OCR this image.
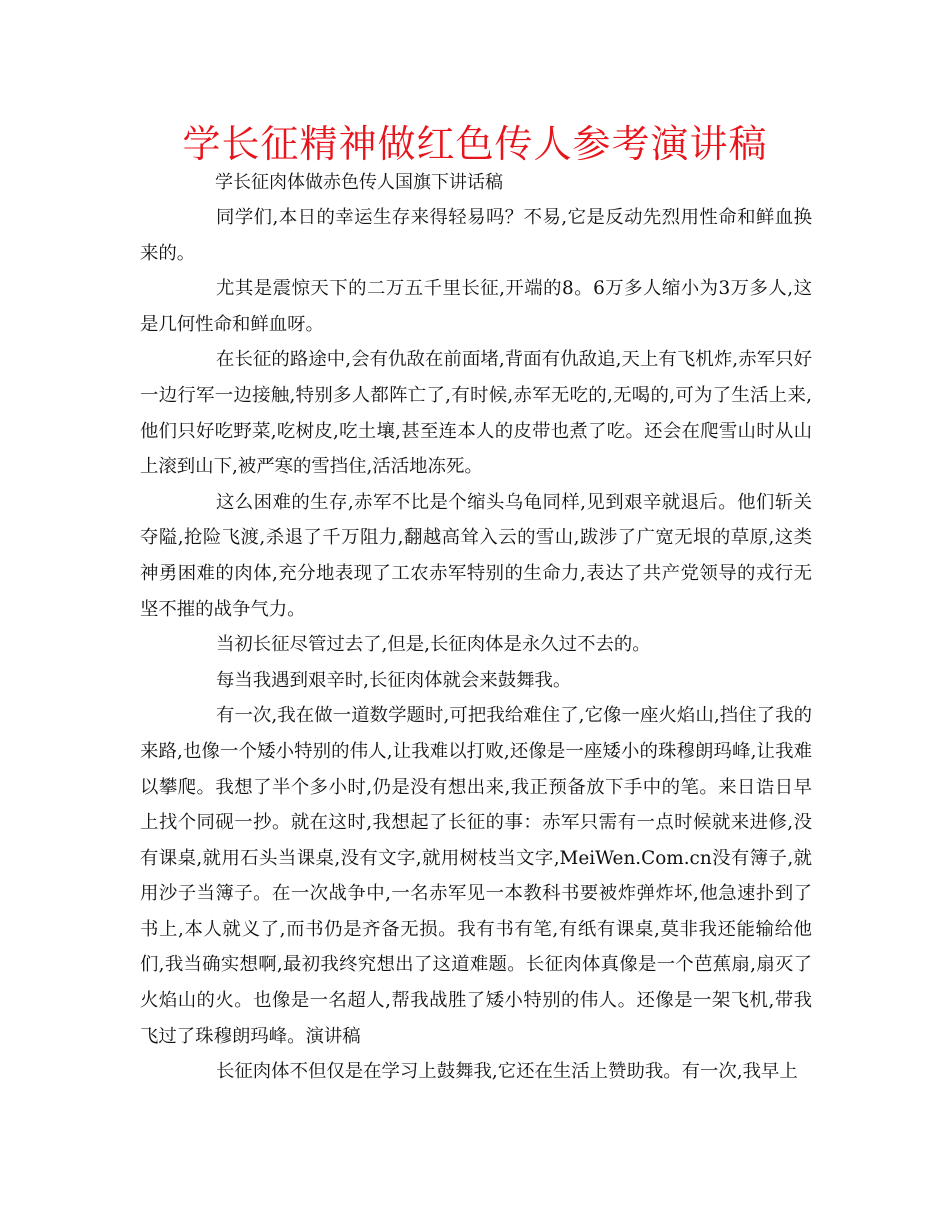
学长征精神做红色传人参考演讲稿
学长征肉体做赤色传人国旗下讲话稿

同学们,本日的幸运生存来得轻易吗？不易,它是反动先烈用性命和鲜血换来的。

尤其是震惊天下的二万五千里长征,开端的8。6万多人缩小为3万多人,这是几何性命和鲜血呀。

在长征的路途中,会有仇敌在前面堵,背面有仇敌追,天上有飞机炸,赤军只好一边行军一边接触,特别多人都阵亡了,有时候,赤军无吃的,无喝的,可为了生活上来,他们只好吃野菜,吃树皮,吃土壤,甚至连本人的皮带也煮了吃。还会在爬雪山时从山上滚到山下,被严寒的雪挡住,活活地冻死。

这么困难的生存,赤军不比是个缩头乌龟同样,见到艰辛就退后。他们斩关夺隘,抢险飞渡,杀退了千万阻力,翻越高耸入云的雪山,跋涉了广宽无垠的草原,这类神勇困难的肉体,充分地表现了工农赤军特别的生命力,表达了共产党领导的戎行无坚不摧的战争气力。

当初长征尽管过去了,但是,长征肉体是永久过不去的。

每当我遇到艰辛时,长征肉体就会来鼓舞我。

有一次,我在做一道数学题时,可把我给难住了,它像一座火焰山,挡住了我的来路,也像一个矮小特别的伟人,让我难以打败,还像是一座矮小的珠穆朗玛峰,让我难以攀爬。我想了半个多小时,仍是没有想出来,我正预备放下手中的笔。来日诰日早上找个同砚一抄。就在这时,我想起了长征的事：赤军只需有一点时候就来进修,没有课桌,就用石头当课桌,没有文字,就用树枝当文字,MeiWen.Com.cn没有簿子,就用沙子当簿子。在一次战争中,一名赤军见一本教科书要被炸弹炸坏,他急速扑到了书上,本人就义了,而书仍是齐备无损。我有书有笔,有纸有课桌,莫非我还能输给他们,我当确实想啊,最初我终究想出了这道难题。长征肉体真像是一个芭蕉扇,扇灭了火焰山的火。也像是一名超人,帮我战胜了矮小特别的伟人。还像是一架飞机,带我飞过了珠穆朗玛峰。演讲稿

长征肉体不但仅是在学习上鼓舞我,它还在生活上赞助我。有一次,我早上
